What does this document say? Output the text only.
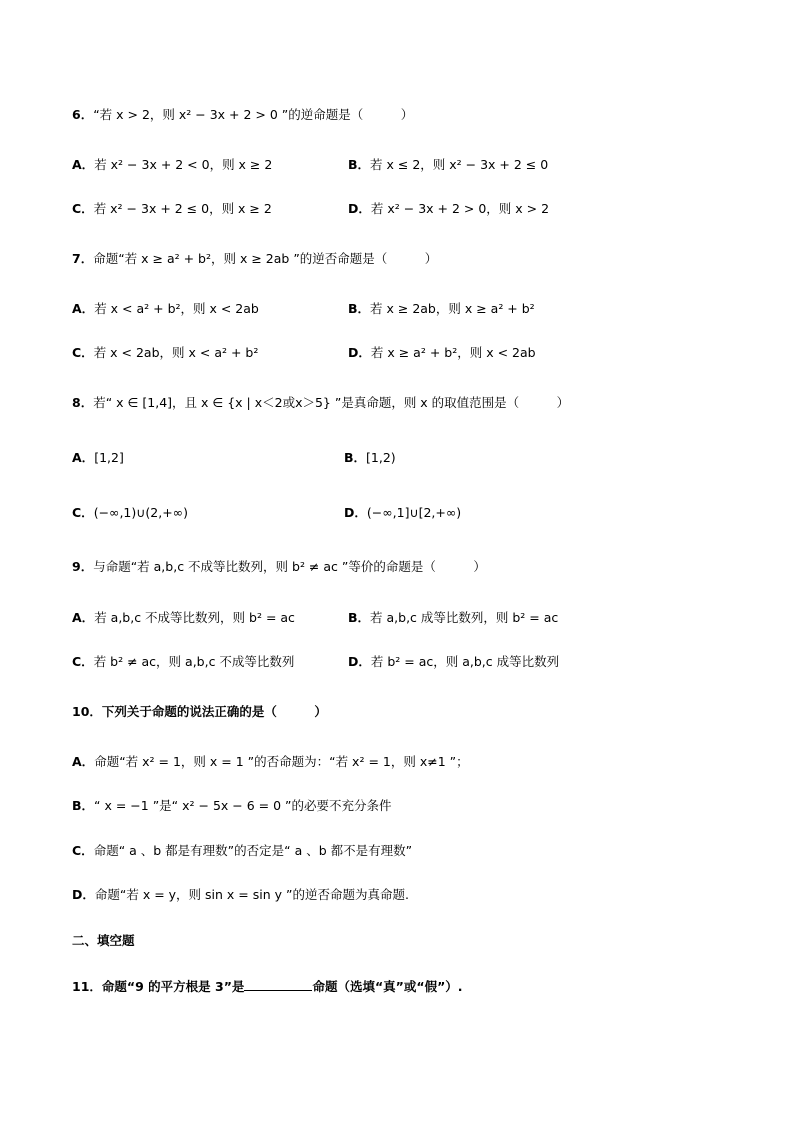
6．“若 x > 2，则 x² − 3x + 2 > 0 ”的逆命题是（　　　）
A．若 x² − 3x + 2 < 0，则 x ≥ 2	B．若 x ≤ 2，则 x² − 3x + 2 ≤ 0
C．若 x² − 3x + 2 ≤ 0，则 x ≥ 2	D．若 x² − 3x + 2 > 0，则 x > 2
7．命题“若 x ≥ a² + b²，则 x ≥ 2ab ”的逆否命题是（　　　）
A．若 x < a² + b²，则 x < 2ab	B．若 x ≥ 2ab，则 x ≥ a² + b²
C．若 x < 2ab，则 x < a² + b²	D．若 x ≥ a² + b²，则 x < 2ab
8．若“ x ∈ [1,4]，且 x ∈ {x | x＜2或x＞5} ”是真命题，则 x 的取值范围是（　　　）
A．[1,2]	B．[1,2)
C．(−∞,1)∪(2,+∞)	D．(−∞,1]∪[2,+∞)
9．与命题“若 a,b,c 不成等比数列，则 b² ≠ ac ”等价的命题是（　　　）
A．若 a,b,c 不成等比数列，则 b² = ac	B．若 a,b,c 成等比数列，则 b² = ac
C．若 b² ≠ ac，则 a,b,c 不成等比数列	D．若 b² = ac，则 a,b,c 成等比数列
10．下列关于命题的说法正确的是（　　　）
A．命题“若 x² = 1，则 x = 1 ”的否命题为：“若 x² = 1，则 x≠1 ”；
B．“ x = −1 ”是“ x² − 5x − 6 = 0 ”的必要不充分条件
C．命题“ a 、b 都是有理数”的否定是“ a 、b 都不是有理数”
D．命题“若 x = y，则 sin x = sin y ”的逆否命题为真命题.
二、填空题
11．命题“9 的平方根是 3”是	命题（选填“真”或“假”）.
